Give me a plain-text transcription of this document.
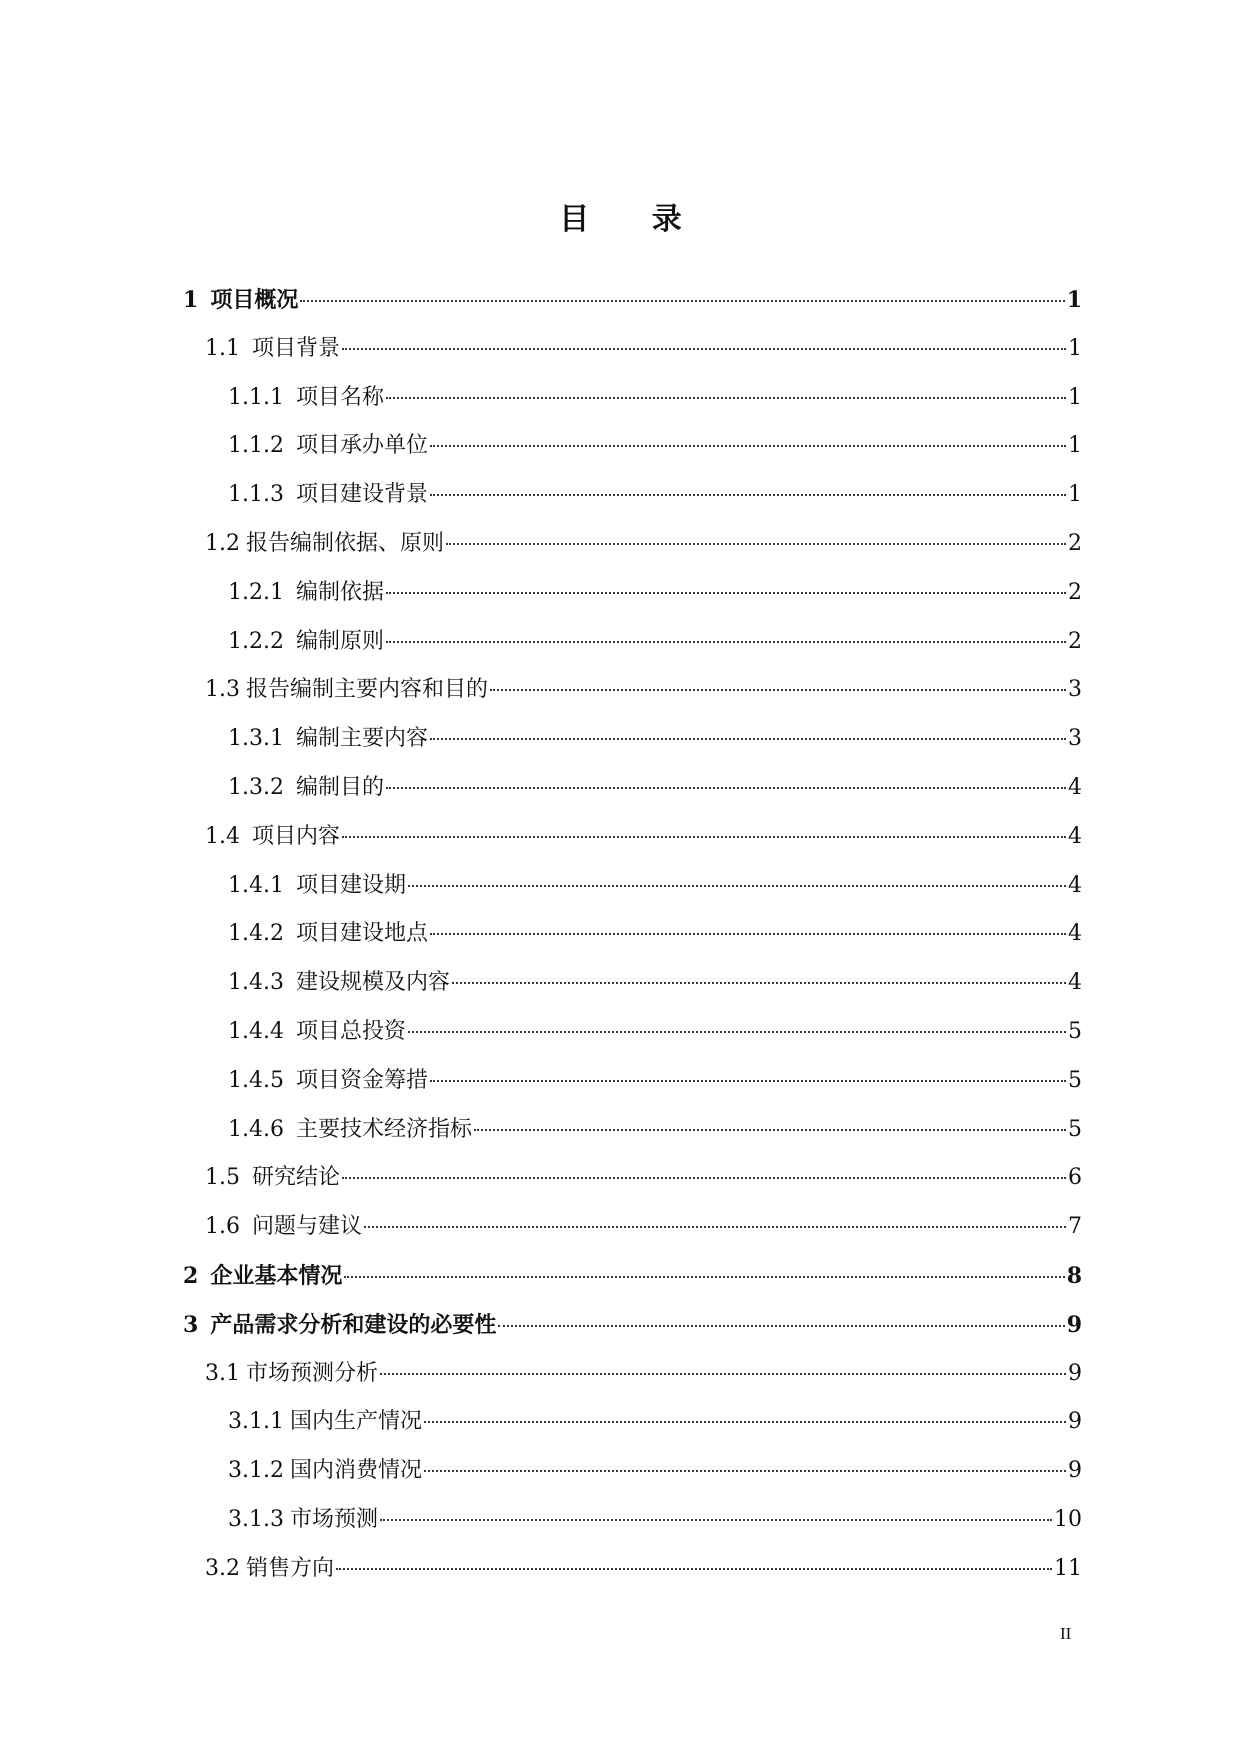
目 录
1 项目概况	1
1.1 项目背景	1
1.1.1 项目名称	1
1.1.2 项目承办单位	1
1.1.3 项目建设背景	1
1.2 报告编制依据、原则	2
1.2.1 编制依据	2
1.2.2 编制原则	2
1.3 报告编制主要内容和目的	3
1.3.1 编制主要内容	3
1.3.2 编制目的	4
1.4 项目内容	4
1.4.1 项目建设期	4
1.4.2 项目建设地点	4
1.4.3 建设规模及内容	4
1.4.4 项目总投资	5
1.4.5 项目资金筹措	5
1.4.6 主要技术经济指标	5
1.5 研究结论	6
1.6 问题与建议	7
2 企业基本情况	8
3 产品需求分析和建设的必要性	9
3.1 市场预测分析	9
3.1.1 国内生产情况	9
3.1.2 国内消费情况	9
3.1.3 市场预测	10
3.2 销售方向	11
II
